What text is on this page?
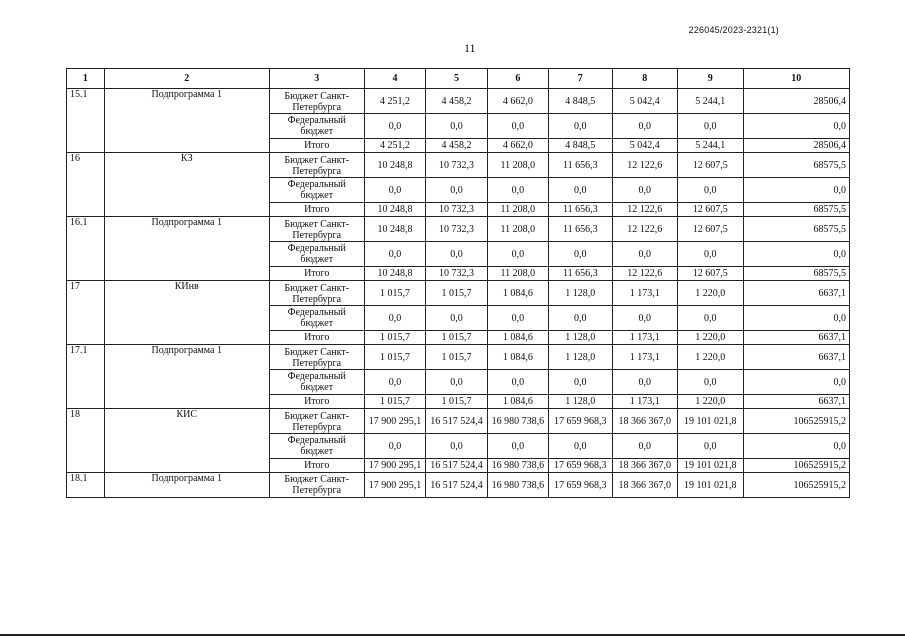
226045/2023-2321(1)
11
1	2	3	4	5	6	7	8	9	10
15.1	Подпрограмма 1	Бюджет Санкт-Петербурга	4 251,2	4 458,2	4 662,0	4 848,5	5 042,4	5 244,1	28506,4
		Федеральный бюджет	0,0	0,0	0,0	0,0	0,0	0,0	0,0
		Итого	4 251,2	4 458,2	4 662,0	4 848,5	5 042,4	5 244,1	28506,4
16	КЗ	Бюджет Санкт-Петербурга	10 248,8	10 732,3	11 208,0	11 656,3	12 122,6	12 607,5	68575,5
		Федеральный бюджет	0,0	0,0	0,0	0,0	0,0	0,0	0,0
		Итого	10 248,8	10 732,3	11 208,0	11 656,3	12 122,6	12 607,5	68575,5
16.1	Подпрограмма 1	Бюджет Санкт-Петербурга	10 248,8	10 732,3	11 208,0	11 656,3	12 122,6	12 607,5	68575,5
		Федеральный бюджет	0,0	0,0	0,0	0,0	0,0	0,0	0,0
		Итого	10 248,8	10 732,3	11 208,0	11 656,3	12 122,6	12 607,5	68575,5
17	КИнв	Бюджет Санкт-Петербурга	1 015,7	1 015,7	1 084,6	1 128,0	1 173,1	1 220,0	6637,1
		Федеральный бюджет	0,0	0,0	0,0	0,0	0,0	0,0	0,0
		Итого	1 015,7	1 015,7	1 084,6	1 128,0	1 173,1	1 220,0	6637,1
17.1	Подпрограмма 1	Бюджет Санкт-Петербурга	1 015,7	1 015,7	1 084,6	1 128,0	1 173,1	1 220,0	6637,1
		Федеральный бюджет	0,0	0,0	0,0	0,0	0,0	0,0	0,0
		Итого	1 015,7	1 015,7	1 084,6	1 128,0	1 173,1	1 220,0	6637,1
18	КИС	Бюджет Санкт-Петербурга	17 900 295,1	16 517 524,4	16 980 738,6	17 659 968,3	18 366 367,0	19 101 021,8	106525915,2
		Федеральный бюджет	0,0	0,0	0,0	0,0	0,0	0,0	0,0
		Итого	17 900 295,1	16 517 524,4	16 980 738,6	17 659 968,3	18 366 367,0	19 101 021,8	106525915,2
18.1	Подпрограмма 1	Бюджет Санкт-Петербурга	17 900 295,1	16 517 524,4	16 980 738,6	17 659 968,3	18 366 367,0	19 101 021,8	106525915,2
